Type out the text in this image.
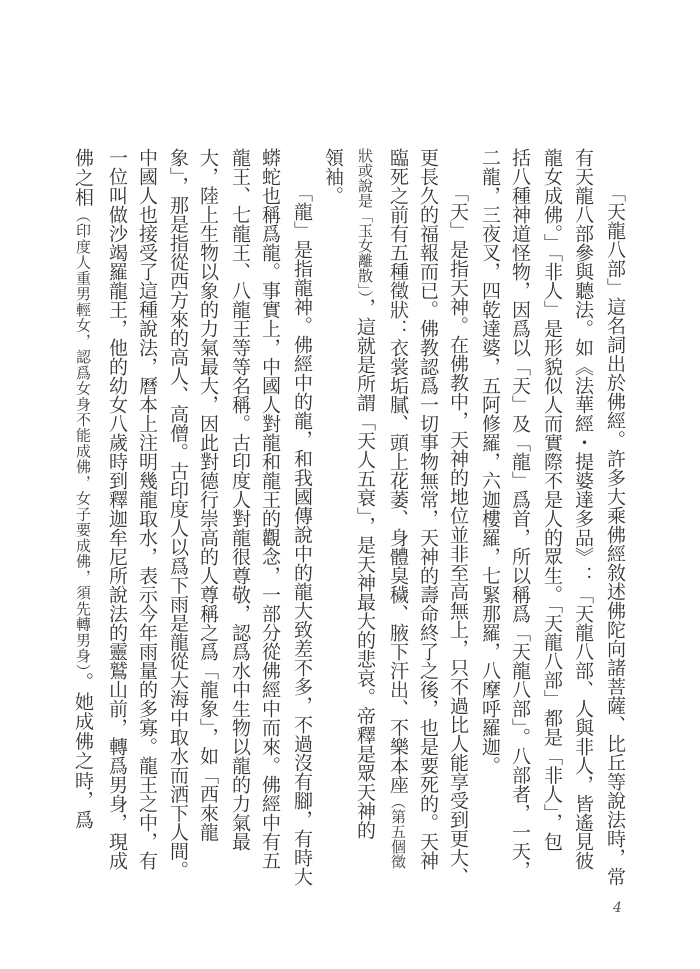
「天龍八部」這名詞出於佛經。許多大乘佛經敘述佛陀向諸菩薩、比丘等說法時，常
有天龍八部參與聽法。如《法華經・提婆達多品》：「天龍八部、人與非人，皆遙見彼
龍女成佛。」「非人」是形貌似人而實際不是人的眾生。「天龍八部」都是「非人」，包
括八種神道怪物，因爲以「天」及「龍」爲首，所以稱爲「天龍八部」。八部者，一天，
二龍，三夜叉，四乾達婆，五阿修羅，六迦樓羅，七緊那羅，八摩呼羅迦。
「天」是指天神。在佛教中，天神的地位並非至高無上，只不過比人能享受到更大、
更長久的福報而已。佛教認爲一切事物無常，天神的壽命終了之後，也是要死的。天神
臨死之前有五種徵狀：衣裳垢膩、頭上花萎、身體臭穢、腋下汗出、不樂本座（第五個徵
狀或說是「玉女離散」），這就是所謂「天人五衰」，是天神最大的悲哀。帝釋是眾天神的
領袖。
「龍」是指龍神。佛經中的龍，和我國傳說中的龍大致差不多，不過沒有腳，有時大
蟒蛇也稱爲龍。事實上，中國人對龍和龍王的觀念，一部分從佛經中而來。佛經中有五
龍王、七龍王、八龍王等等名稱。古印度人對龍很尊敬，認爲水中生物以龍的力氣最
大，陸上生物以象的力氣最大，因此對德行崇高的人尊稱之爲「龍象」，如「西來龍
象」，那是指從西方來的高人、高僧。古印度人以爲下雨是龍從大海中取水而洒下人間。
中國人也接受了這種說法，曆本上注明幾龍取水，表示今年雨量的多寡。龍王之中，有
一位叫做沙竭羅龍王，他的幼女八歲時到釋迦牟尼所說法的靈鷲山前，轉爲男身，現成
佛之相（印度人重男輕女，認爲女身不能成佛，女子要成佛，須先轉男身）。她成佛之時，爲
4
